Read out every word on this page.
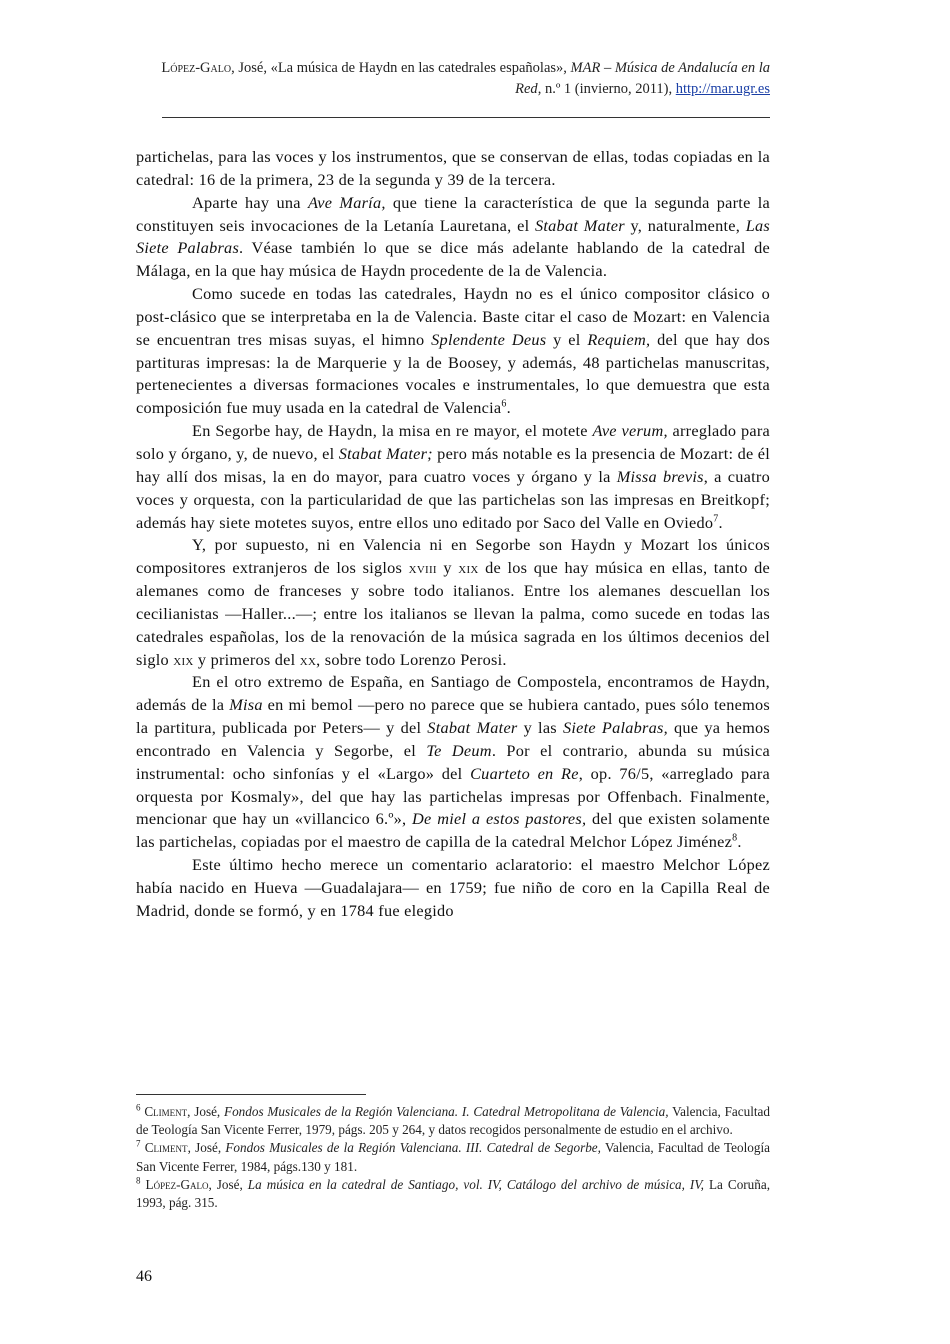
López-Galo, José, «La música de Haydn en las catedrales españolas», MAR – Música de Andalucía en la Red, n.º 1 (invierno, 2011), http://mar.ugr.es

partichelas, para las voces y los instrumentos, que se conservan de ellas, todas copiadas en la catedral: 16 de la primera, 23 de la segunda y 39 de la tercera.

Aparte hay una Ave María, que tiene la característica de que la segunda parte la constituyen seis invocaciones de la Letanía Lauretana, el Stabat Mater y, naturalmente, Las Siete Palabras. Véase también lo que se dice más adelante hablando de la catedral de Málaga, en la que hay música de Haydn procedente de la de Valencia.

Como sucede en todas las catedrales, Haydn no es el único compositor clásico o post-clásico que se interpretaba en la de Valencia. Baste citar el caso de Mozart: en Valencia se encuentran tres misas suyas, el himno Splendente Deus y el Requiem, del que hay dos partituras impresas: la de Marquerie y la de Boosey, y además, 48 partichelas manuscritas, pertenecientes a diversas formaciones vocales e instrumentales, lo que demuestra que esta composición fue muy usada en la catedral de Valencia$^6$.

En Segorbe hay, de Haydn, la misa en re mayor, el motete Ave verum, arreglado para solo y órgano, y, de nuevo, el Stabat Mater; pero más notable es la presencia de Mozart: de él hay allí dos misas, la en do mayor, para cuatro voces y órgano y la Missa brevis, a cuatro voces y orquesta, con la particularidad de que las partichelas son las impresas en Breitkopf; además hay siete motetes suyos, entre ellos uno editado por Saco del Valle en Oviedo$^7$.

Y, por supuesto, ni en Valencia ni en Segorbe son Haydn y Mozart los únicos compositores extranjeros de los siglos xviii y xix de los que hay música en ellas, tanto de alemanes como de franceses y sobre todo italianos. Entre los alemanes descuellan los cecilianistas —Haller...—; entre los italianos se llevan la palma, como sucede en todas las catedrales españolas, los de la renovación de la música sagrada en los últimos decenios del siglo xix y primeros del xx, sobre todo Lorenzo Perosi.

En el otro extremo de España, en Santiago de Compostela, encontramos de Haydn, además de la Misa en mi bemol —pero no parece que se hubiera cantado, pues sólo tenemos la partitura, publicada por Peters— y del Stabat Mater y las Siete Palabras, que ya hemos encontrado en Valencia y Segorbe, el Te Deum. Por el contrario, abunda su música instrumental: ocho sinfonías y el «Largo» del Cuarteto en Re, op. 76/5, «arreglado para orquesta por Kosmaly», del que hay las partichelas impresas por Offenbach. Finalmente, mencionar que hay un «villancico 6.º», De miel a estos pastores, del que existen solamente las partichelas, copiadas por el maestro de capilla de la catedral Melchor López Jiménez$^8$.

Este último hecho merece un comentario aclaratorio: el maestro Melchor López había nacido en Hueva —Guadalajara— en 1759; fue niño de coro en la Capilla Real de Madrid, donde se formó, y en 1784 fue elegido

$^6$ Climent, José, Fondos Musicales de la Región Valenciana. I. Catedral Metropolitana de Valencia, Valencia, Facultad de Teología San Vicente Ferrer, 1979, págs. 205 y 264, y datos recogidos personalmente de estudio en el archivo.

$^7$ Climent, José, Fondos Musicales de la Región Valenciana. III. Catedral de Segorbe, Valencia, Facultad de Teología San Vicente Ferrer, 1984, págs.130 y 181.

$^8$ López-Galo, José, La música en la catedral de Santiago, vol. IV, Catálogo del archivo de música, IV, La Coruña, 1993, pág. 315.

46
